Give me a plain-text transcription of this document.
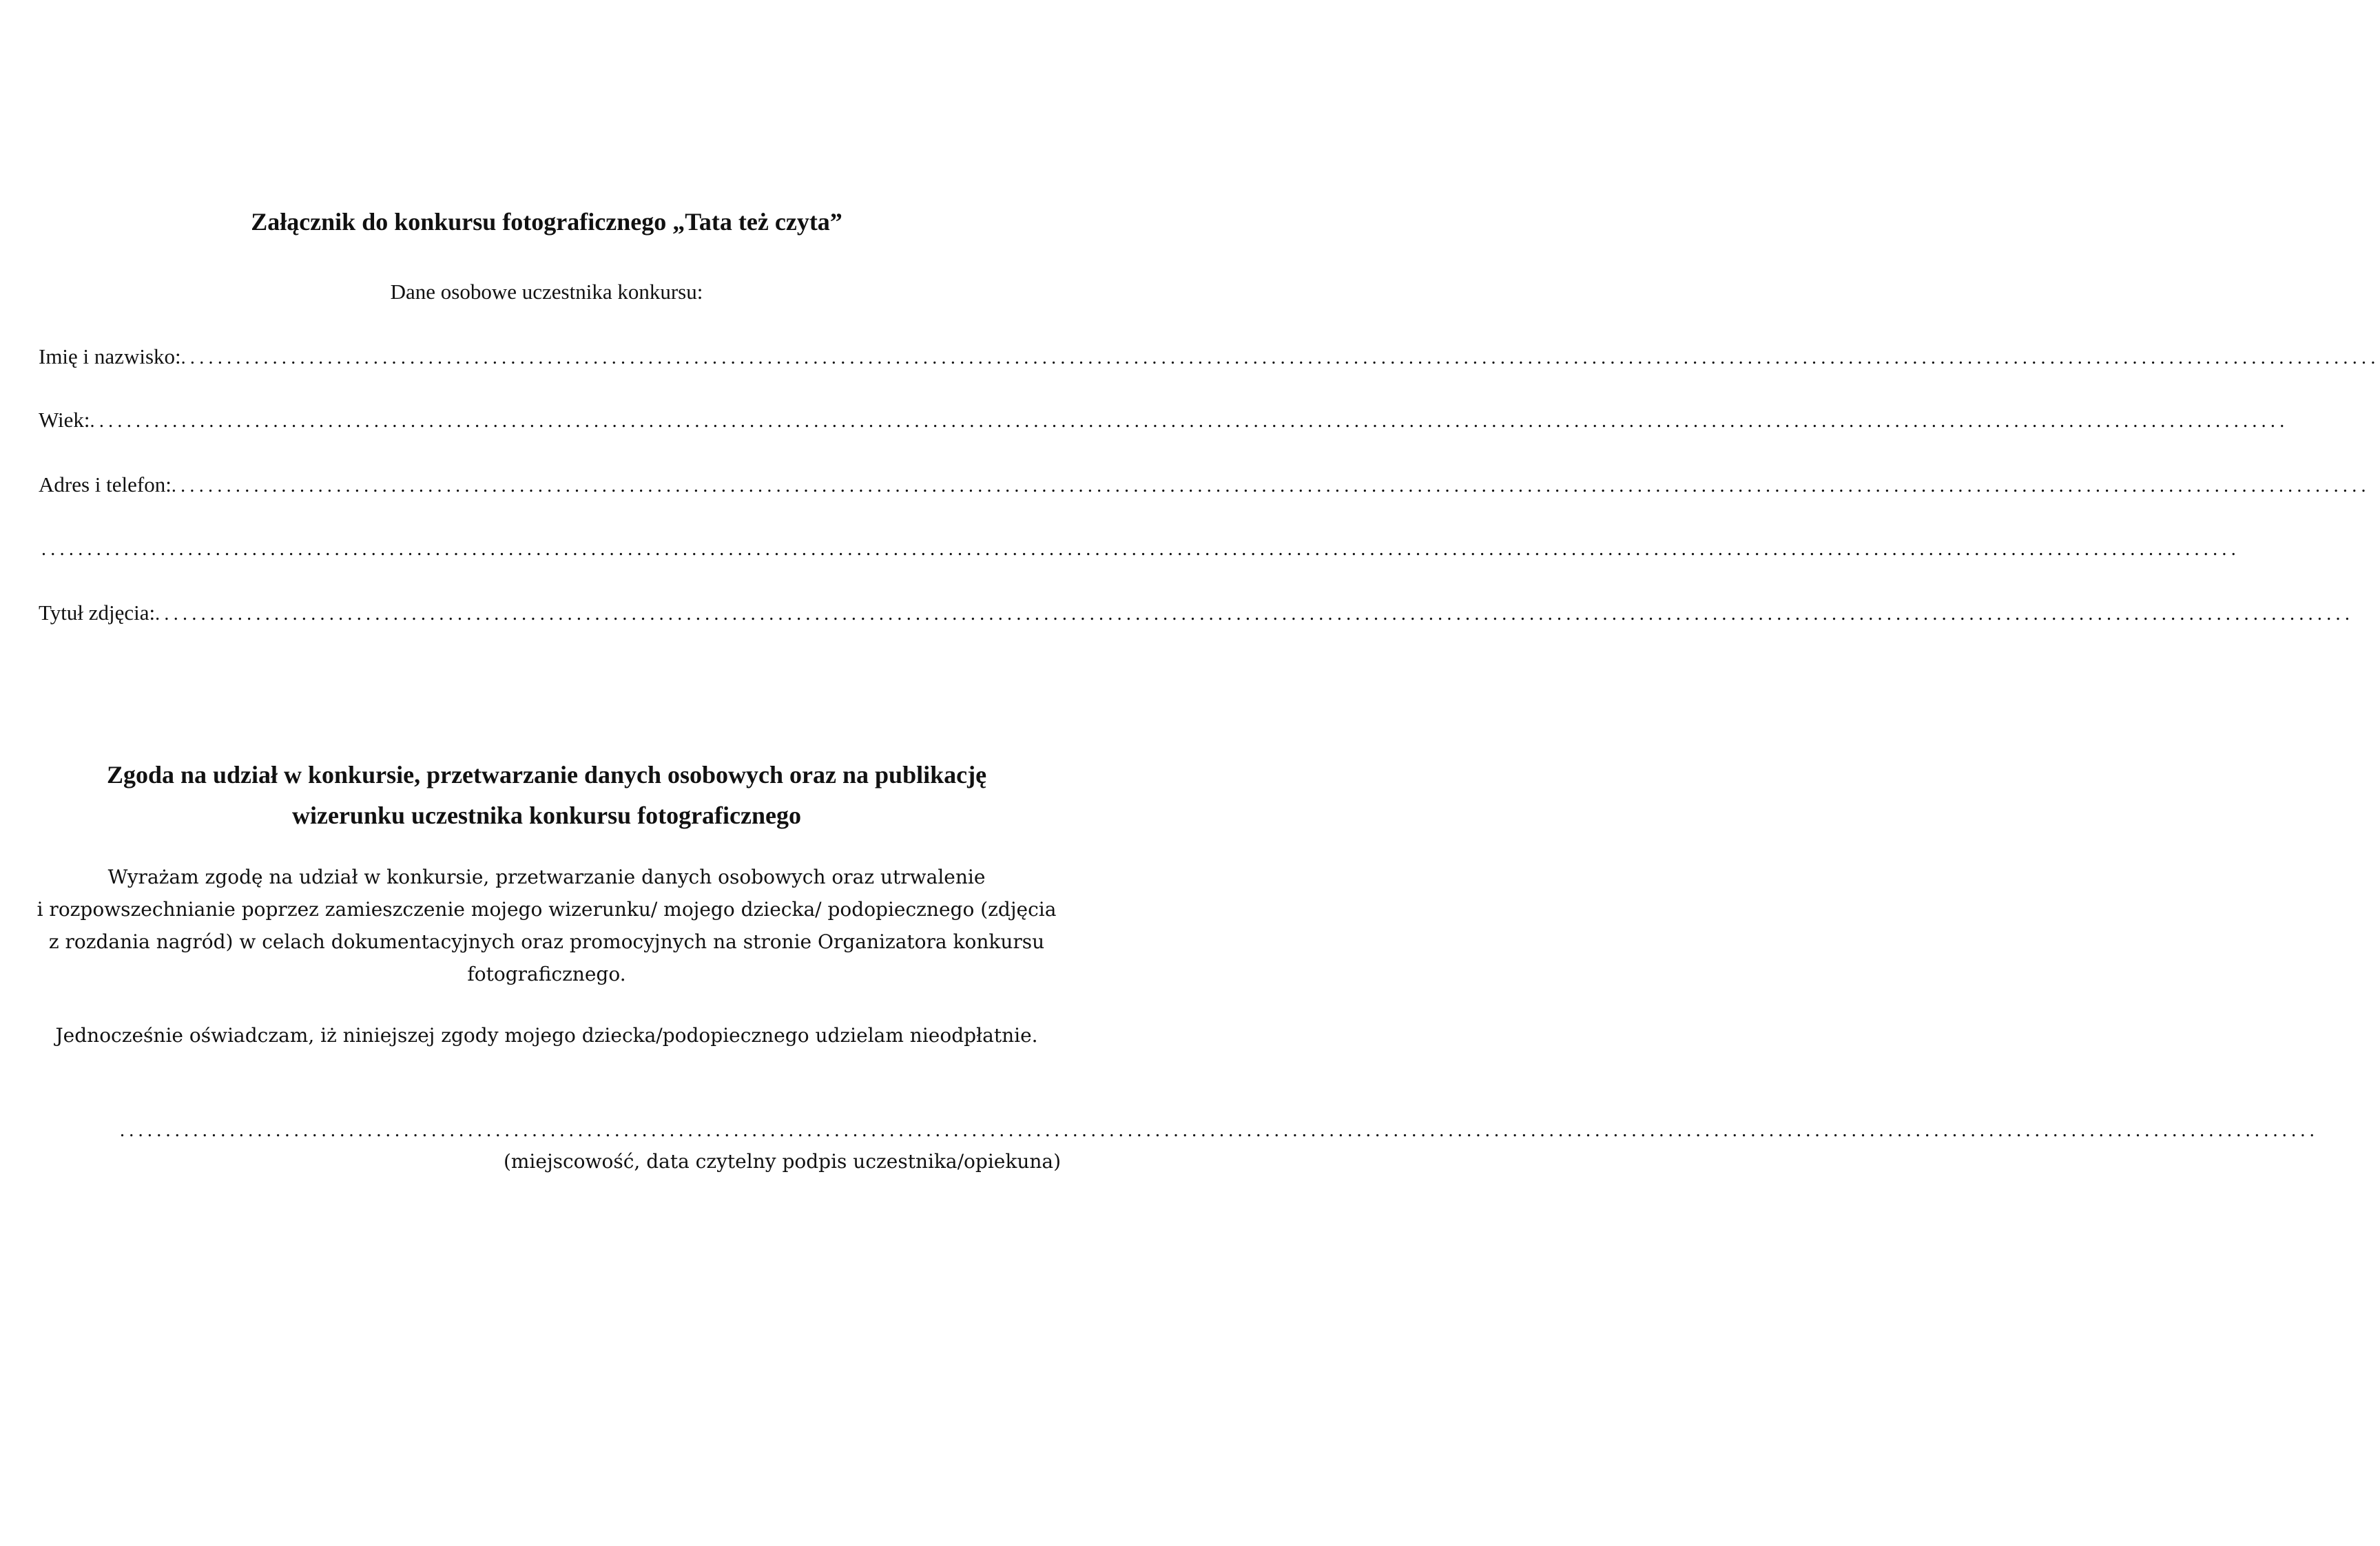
Załącznik do konkursu fotograficznego „Tata też czyta”
Dane osobowe uczestnika konkursu:
Imię i nazwisko: ................................................................................................................................................................................................................................................
Wiek: ................................................................................................................................................................................................................................................
Adres i telefon: ................................................................................................................................................................................................................................................
................................................................................................................................................................................................................................................
Tytuł zdjęcia: ................................................................................................................................................................................................................................................
Zgoda na udział w konkursie, przetwarzanie danych osobowych oraz na publikację
wizerunku uczestnika konkursu fotograficznego
Wyrażam zgodę na udział w konkursie, przetwarzanie danych osobowych oraz utrwalenie
i rozpowszechnianie poprzez zamieszczenie mojego wizerunku/ mojego dziecka/ podopiecznego (zdjęcia
z rozdania nagród) w celach dokumentacyjnych oraz promocyjnych na stronie Organizatora konkursu
fotograficznego.
Jednocześnie oświadczam, iż niniejszej zgody mojego dziecka/podopiecznego udzielam nieodpłatnie.
................................................................................................................................................................................................................................................
(miejscowość, data czytelny podpis uczestnika/opiekuna)
